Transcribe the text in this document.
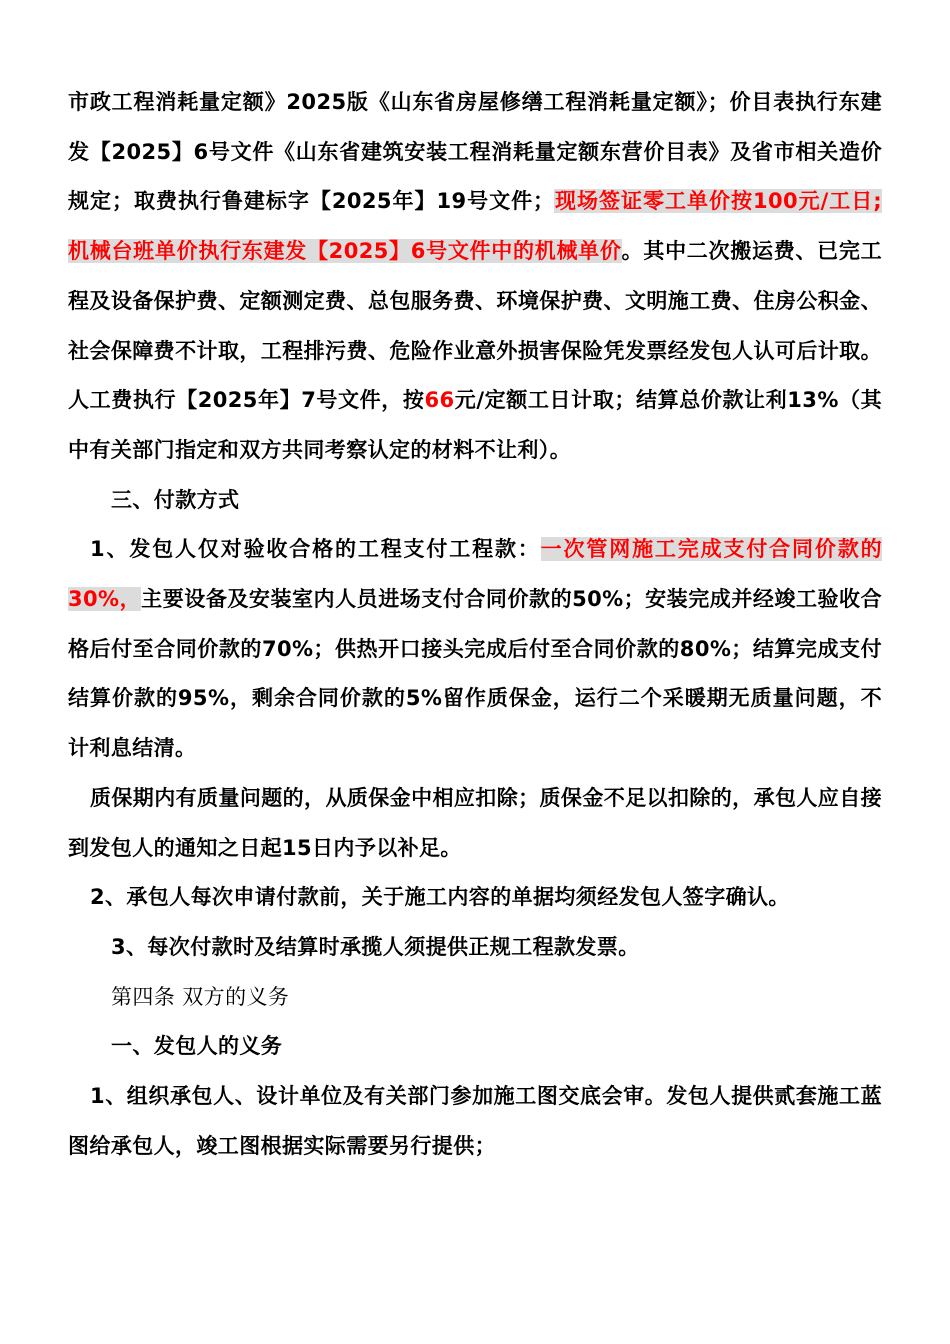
市政工程消耗量定额》2025版《山东省房屋修缮工程消耗量定额》；价目表执行东建发【2025】6号文件《山东省建筑安装工程消耗量定额东营价目表》及省市相关造价规定；取费执行鲁建标字【2025年】19号文件；现场签证零工单价按100元/工日;机械台班单价执行东建发【2025】6号文件中的机械单价。其中二次搬运费、已完工程及设备保护费、定额测定费、总包服务费、环境保护费、文明施工费、住房公积金、社会保障费不计取，工程排污费、危险作业意外损害保险凭发票经发包人认可后计取。人工费执行【2025年】7号文件，按66元/定额工日计取；结算总价款让利13%（其中有关部门指定和双方共同考察认定的材料不让利）。

三、付款方式

1、发包人仅对验收合格的工程支付工程款：一次管网施工完成支付合同价款的30%，主要设备及安装室内人员进场支付合同价款的50%；安装完成并经竣工验收合格后付至合同价款的70%；供热开口接头完成后付至合同价款的80%；结算完成支付结算价款的95%，剩余合同价款的5%留作质保金，运行二个采暖期无质量问题，不计利息结清。

质保期内有质量问题的，从质保金中相应扣除；质保金不足以扣除的，承包人应自接到发包人的通知之日起15日内予以补足。

2、承包人每次申请付款前，关于施工内容的单据均须经发包人签字确认。

3、每次付款时及结算时承揽人须提供正规工程款发票。

第四条 双方的义务

一、发包人的义务

1、组织承包人、设计单位及有关部门参加施工图交底会审。发包人提供贰套施工蓝图给承包人，竣工图根据实际需要另行提供；
